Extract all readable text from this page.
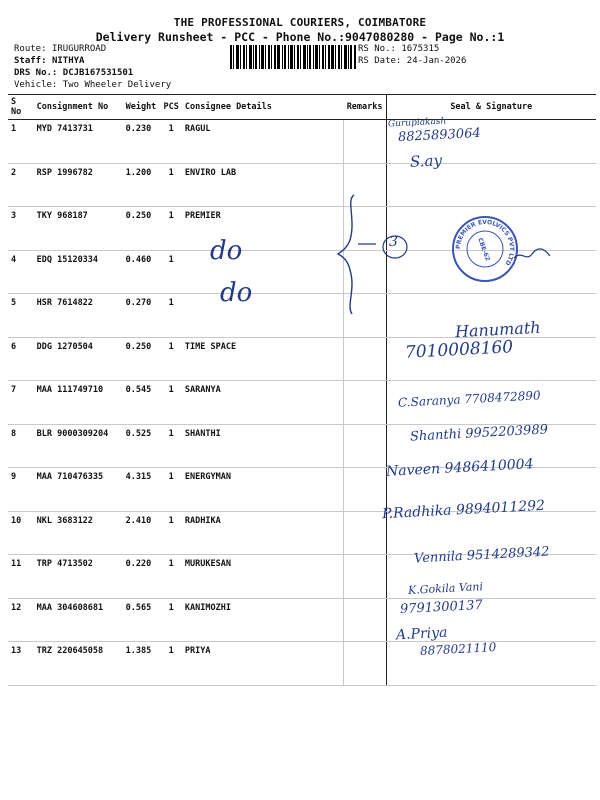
THE PROFESSIONAL COURIERS, COIMBATORE
Delivery Runsheet - PCC - Phone No.:9047080280 - Page No.:1
Route: IRUGURROAD
Staff: NITHYA
DRS No.: DCJB167531501
Vehicle: Two Wheeler Delivery
RS No.: 1675315
RS Date: 24-Jan-2026
S No	Consignment No	Weight	PCS	Consignee Details	Remarks	Seal & Signature
1	MYD 7413731	0.230	1	RAGUL		
2	RSP 1996782	1.200	1	ENVIRO LAB		
3	TKY 968187	0.250	1	PREMIER		
4	EDQ 15120334	0.460	1			
5	HSR 7614822	0.270	1			
6	DDG 1270504	0.250	1	TIME SPACE		
7	MAA 111749710	0.545	1	SARANYA		
8	BLR 9000309204	0.525	1	SHANTHI		
9	MAA 710476335	4.315	1	ENERGYMAN		
10	NKL 3683122	2.410	1	RADHIKA		
11	TRP 4713502	0.220	1	MURUKESAN		
12	MAA 304608681	0.565	1	KANIMOZHI		
13	TRZ 220645058	1.385	1	PRIYA		
Gurupiakash
8825893064
S.ay
do
do
3	PREMIER EVOLVICS PVT LTD
CBE-62
Hanumath
7010008160
C.Saranya 7708472890
Shanthi 9952203989
Naveen 9486410004
P.Radhika 9894011292
Vennila 9514289342
K.Gokila Vani
9791300137
A.Priya
8878021110
